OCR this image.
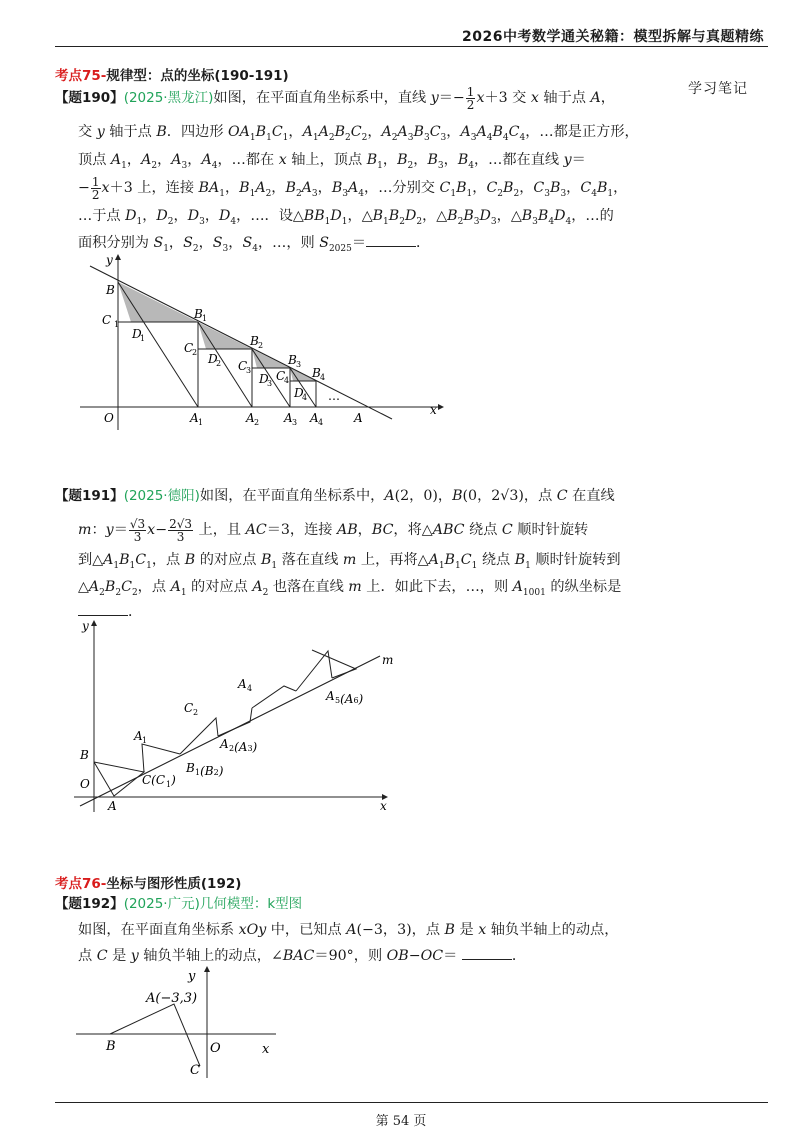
2026中考数学通关秘籍：模型拆解与真题精练
学习笔记
考点75-规律型：点的坐标(190-191)
【题190】(2025·黑龙江)如图，在平面直角坐标系中，直线 $y=- \frac{1}{2} x+3$ 交 x 轴于点 A，
交 y 轴于点 B．四边形 $OA_1B_1C_1$，$A_1A_2B_2C_2$，$A_2A_3B_3C_3$，$A_3A_4B_4C_4$，…都是正方形，
顶点 $A_1$，$A_2$，$A_3$，$A_4$，…都在 x 轴上，顶点 $B_1$，$B_2$，$B_3$，$B_4$，…都在直线 y＝
− $\frac{1}{2} x+3$ 上，连接 $BA_1$，$B_1A_2$，$B_2A_3$，$B_3A_4$，…分别交 $C_1B_1$，$C_2B_2$，$C_3B_3$，$C_4B_1$，
…于点 $D_1$，$D_2$，$D_3$，$D_4$，…．设$\triangle BB_1D_1$，$\triangle B_1B_2D_2$，$\triangle B_2B_3D_3$，$\triangle B_3B_4D_4$，…的
面积分别为 $S_1$，$S_2$，$S_3$，$S_4$，…，则 $S_{2025}=$	．
y
x
O
B
A
C
D
B
C
D
B
C
D
B
C
D
B
A	A A A
…
1
1
1
2
2
2
3
3
3
4
4
4
1	2	3	4
【题191】(2025·德阳)如图，在平面直角坐标系中，A(2，0)，B(0，2√3)，点 C 在直线
m：$y= \frac{√3}{3} x- \frac{2√3}{3}$ 上，且 AC＝3，连接 AB，BC，将△ABC 绕点 C 顺时针旋转
到$\triangle A_1B_1C_1$，点 B 的对应点 $B_1$ 落在直线 m 上，再将$\triangle A_1B_1C_1$ 绕点 $B_1$ 顺时针旋转到
$\triangle A_2B_2C_2$，点 $A_1$ 的对应点 $A_2$ 也落在直线 m 上．如此下去，…，则 $A_{1001}$ 的纵坐标是
．
y
x
m
O
A
B
C(C
A
C
A
A
B
A
$_1$)
1
2
4
2(A3)
1(B2)
5(A6)
考点76-坐标与图形性质(192)
【题192】(2025·广元)几何模型：k型图
如图，在平面直角坐标系 xOy 中，已知点 A(−3，3)，点 B 是 x 轴负半轴上的动点，
点 C 是 y 轴负半轴上的动点，∠BAC＝90°，则 OB−OC＝	．
y
x
O
A(−3,3)
B
C
第 54 页
